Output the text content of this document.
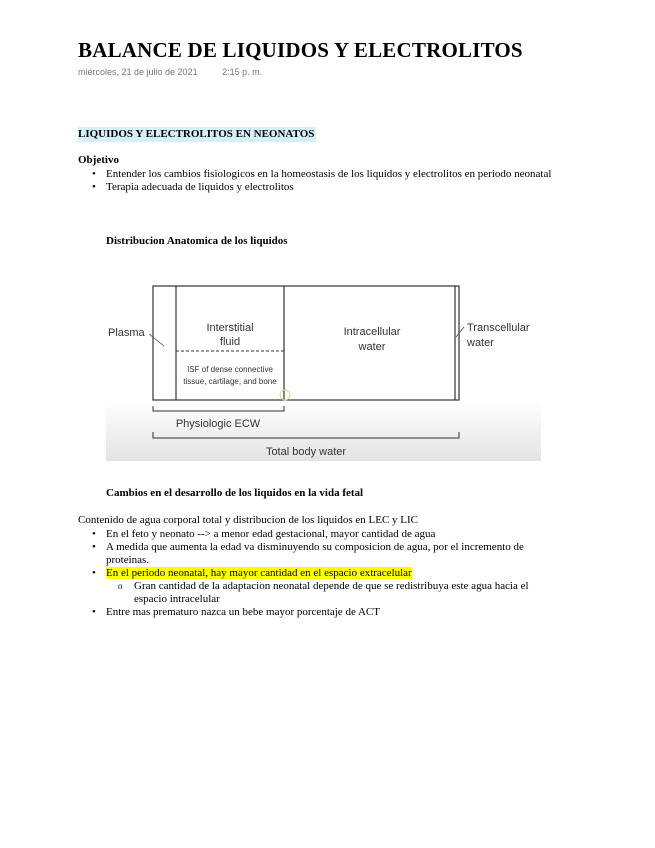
BALANCE DE LIQUIDOS Y ELECTROLITOS
miércoles, 21 de julio de 2021	2:15 p. m.
LIQUIDOS Y ELECTROLITOS EN NEONATOS
Objetivo
• Entender los cambios fisiologicos en la homeostasis de los liquidos y electrolitos en periodo neonatal
• Terapia adecuada de liquidos y electrolitos
Distribucion Anatomica de los liquidos
Plasma	Interstitial
fluid
ISF of dense connective
tissue, cartilage, and bone
Intracellular
water
Transcellular
water
Physiologic ECW
Total body water
Cambios en el desarrollo de los liquidos en la vida fetal
Contenido de agua corporal total y distribucion de los liquidos en LEC y LIC
• En el feto y neonato --> a menor edad gestacional, mayor cantidad de agua
• A medida que aumenta la edad va disminuyendo su composicion de agua, por el incremento de proteinas.
• En el periodo neonatal, hay mayor cantidad en el espacio extracelular
o Gran cantidad de la adaptacion neonatal depende de que se redistribuya este agua hacia el espacio intracelular
• Entre mas prematuro nazca un bebe mayor porcentaje de ACT
